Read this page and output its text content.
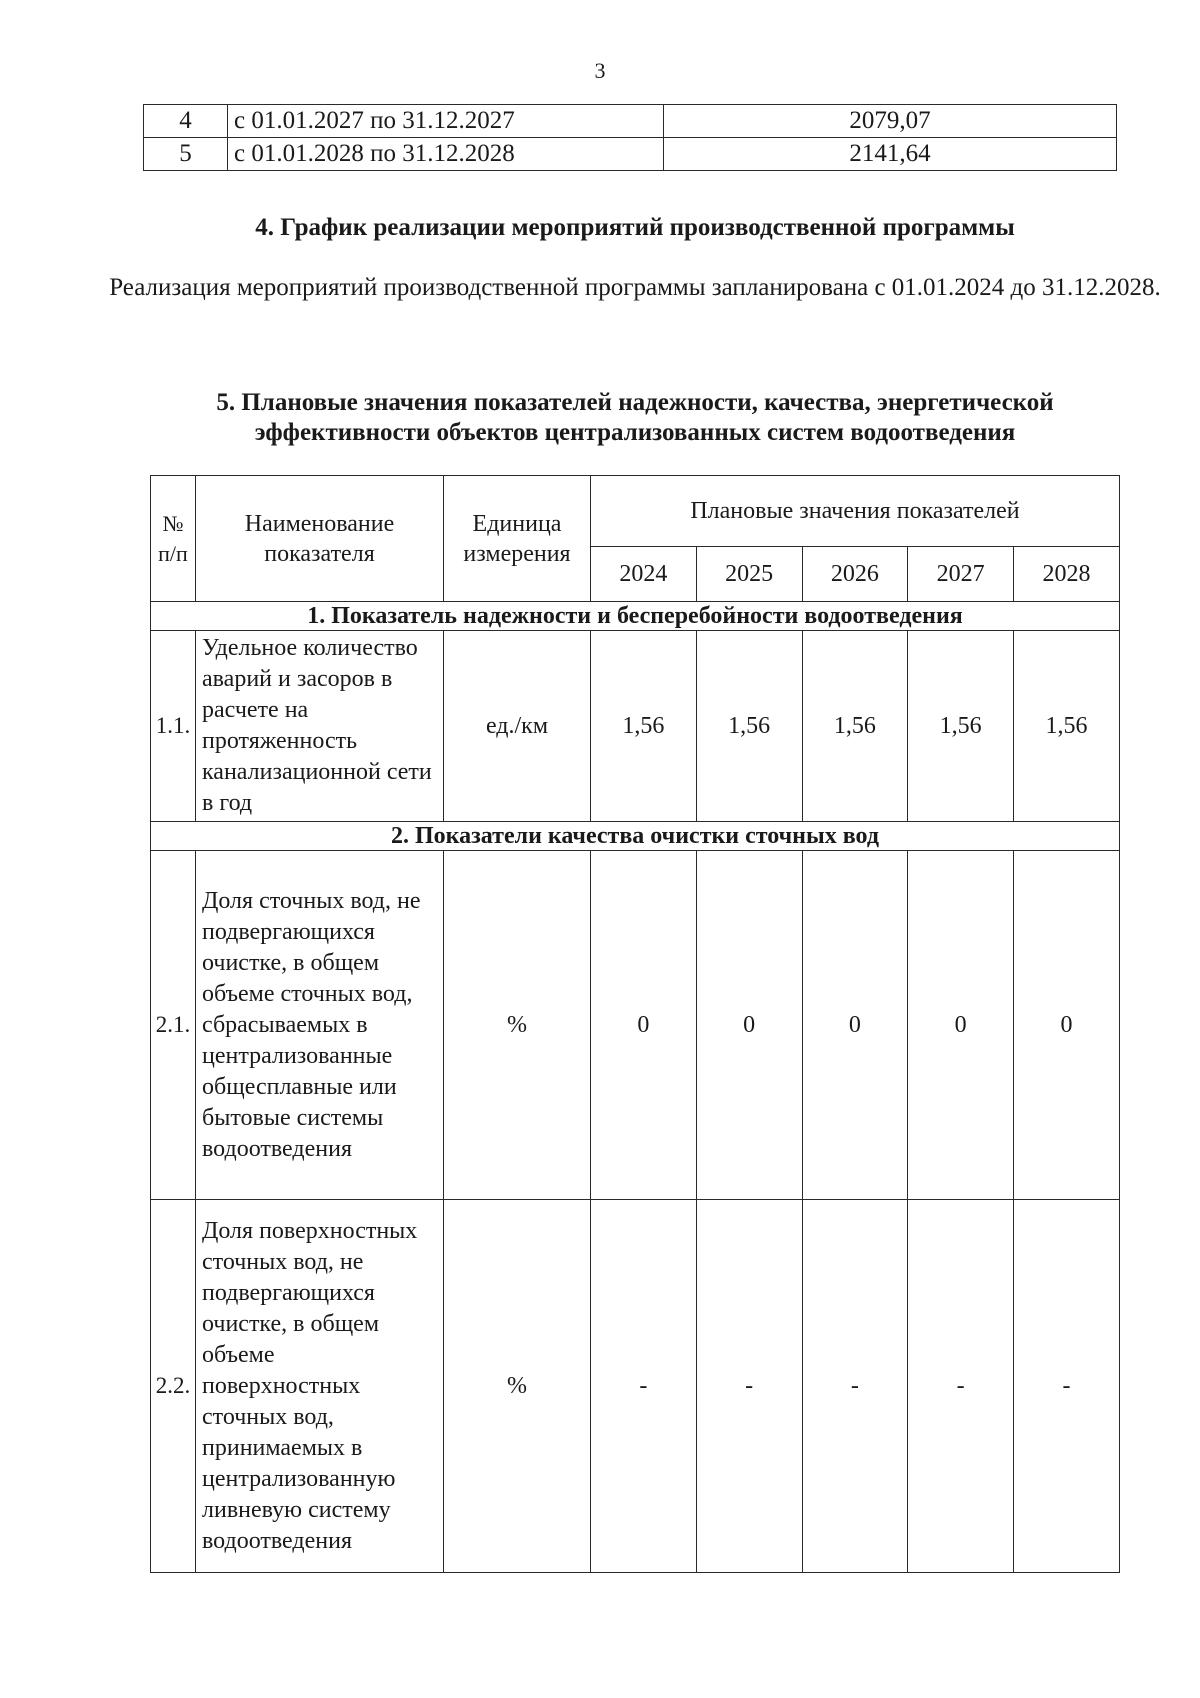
3
4	с 01.01.2027 по 31.12.2027	2079,07
5	с 01.01.2028 по 31.12.2028	2141,64
4. График реализации мероприятий производственной программы
Реализация мероприятий производственной программы запланирована с 01.01.2024 до 31.12.2028.
5. Плановые значения показателей надежности, качества, энергетической эффективности объектов централизованных систем водоотведения
№ п/п	Наименование показателя	Единица измерения	Плановые значения показателей				
			2024	2025	2026	2027	2028
1. Показатель надежности и бесперебойности водоотведения							
1.1.	Удельное количество аварий и засоров в расчете на протяженность канализационной сети в год	ед./км	1,56	1,56	1,56	1,56	1,56
2. Показатели качества очистки сточных вод							
2.1.	Доля сточных вод, не подвергающихся очистке, в общем объеме сточных вод, сбрасываемых в централизованные общесплавные или бытовые системы водоотведения	%	0	0	0	0	0
2.2.	Доля поверхностных сточных вод, не подвергающихся очистке, в общем объеме поверхностных сточных вод, принимаемых в централизованную ливневую систему водоотведения	%	-	-	-	-	-
